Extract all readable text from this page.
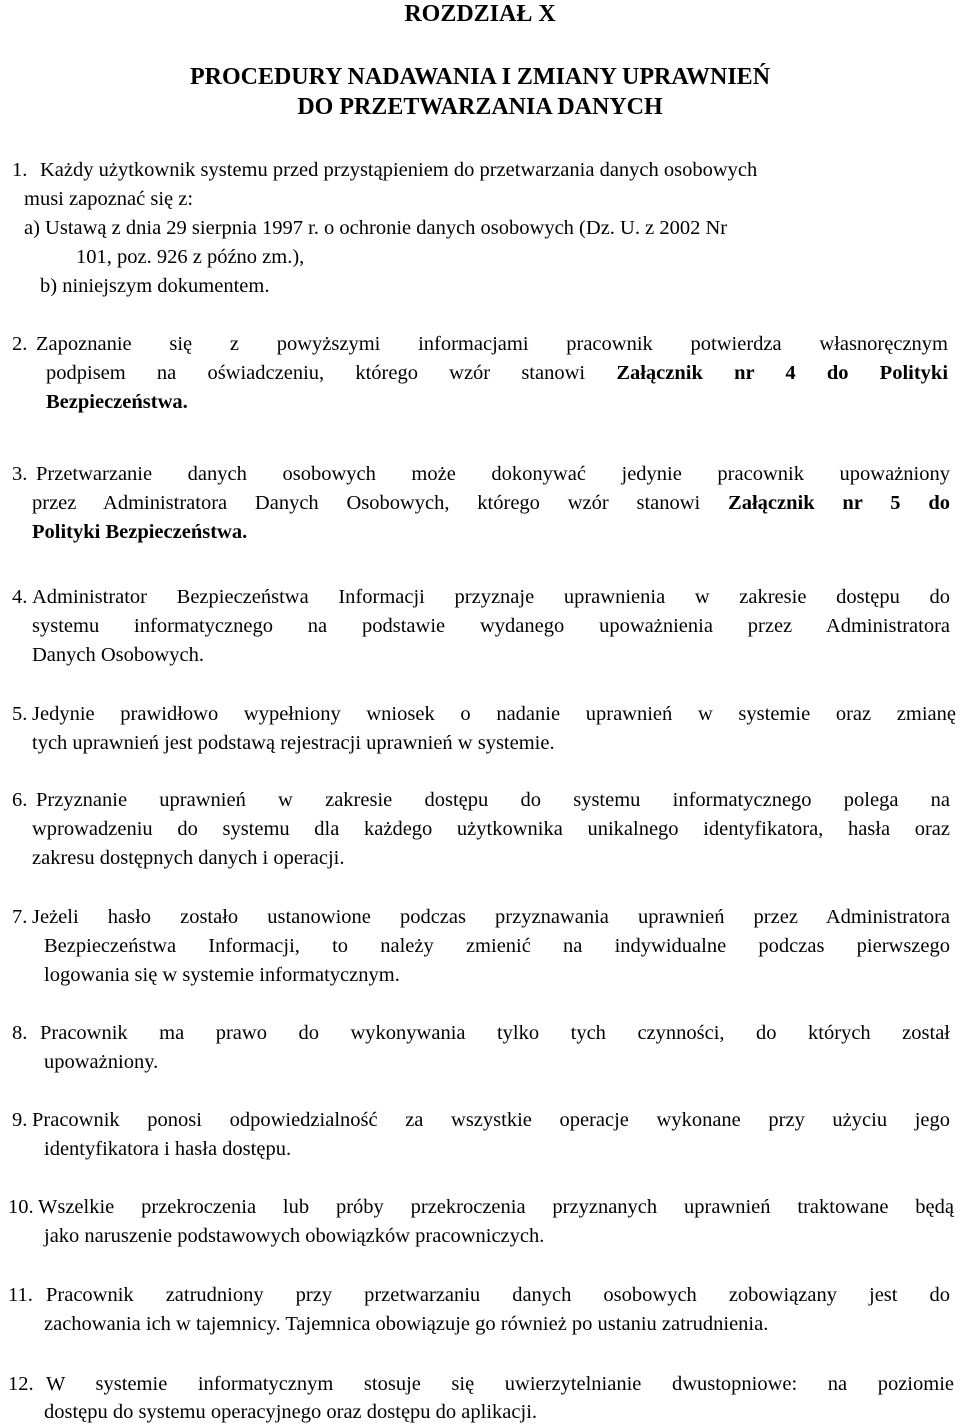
ROZDZIAŁ X
PROCEDURY NADAWANIA I ZMIANY UPRAWNIEŃ
DO PRZETWARZANIA DANYCH
1. Każdy użytkownik systemu przed przystąpieniem do przetwarzania danych osobowych
musi zapoznać się z:
a) Ustawą z dnia 29 sierpnia 1997 r. o ochronie danych osobowych (Dz. U. z 2002 Nr
101, poz. 926 z późno zm.),
b) niniejszym dokumentem.
2. Zapoznanie się z powyższymi informacjami pracownik potwierdza własnoręcznym
podpisem na oświadczeniu, którego wzór stanowi Załącznik nr 4 do Polityki
Bezpieczeństwa.
3. Przetwarzanie danych osobowych może dokonywać jedynie pracownik upoważniony
przez Administratora Danych Osobowych, którego wzór stanowi Załącznik nr 5 do
Polityki Bezpieczeństwa.
4. Administrator Bezpieczeństwa Informacji przyznaje uprawnienia w zakresie dostępu do
systemu informatycznego na podstawie wydanego upoważnienia przez Administratora
Danych Osobowych.
5. Jedynie prawidłowo wypełniony wniosek o nadanie uprawnień w systemie oraz zmianę
tych uprawnień jest podstawą rejestracji uprawnień w systemie.
6. Przyznanie uprawnień w zakresie dostępu do systemu informatycznego polega na
wprowadzeniu do systemu dla każdego użytkownika unikalnego identyfikatora, hasła oraz
zakresu dostępnych danych i operacji.
7. Jeżeli hasło zostało ustanowione podczas przyznawania uprawnień przez Administratora
Bezpieczeństwa Informacji, to należy zmienić na indywidualne podczas pierwszego
logowania się w systemie informatycznym.
8. Pracownik ma prawo do wykonywania tylko tych czynności, do których został
upoważniony.
9. Pracownik ponosi odpowiedzialność za wszystkie operacje wykonane przy użyciu jego
identyfikatora i hasła dostępu.
10. Wszelkie przekroczenia lub próby przekroczenia przyznanych uprawnień traktowane będą
jako naruszenie podstawowych obowiązków pracowniczych.
11. Pracownik zatrudniony przy przetwarzaniu danych osobowych zobowiązany jest do
zachowania ich w tajemnicy. Tajemnica obowiązuje go również po ustaniu zatrudnienia.
12. W systemie informatycznym stosuje się uwierzytelnianie dwustopniowe: na poziomie
dostępu do systemu operacyjnego oraz dostępu do aplikacji.
